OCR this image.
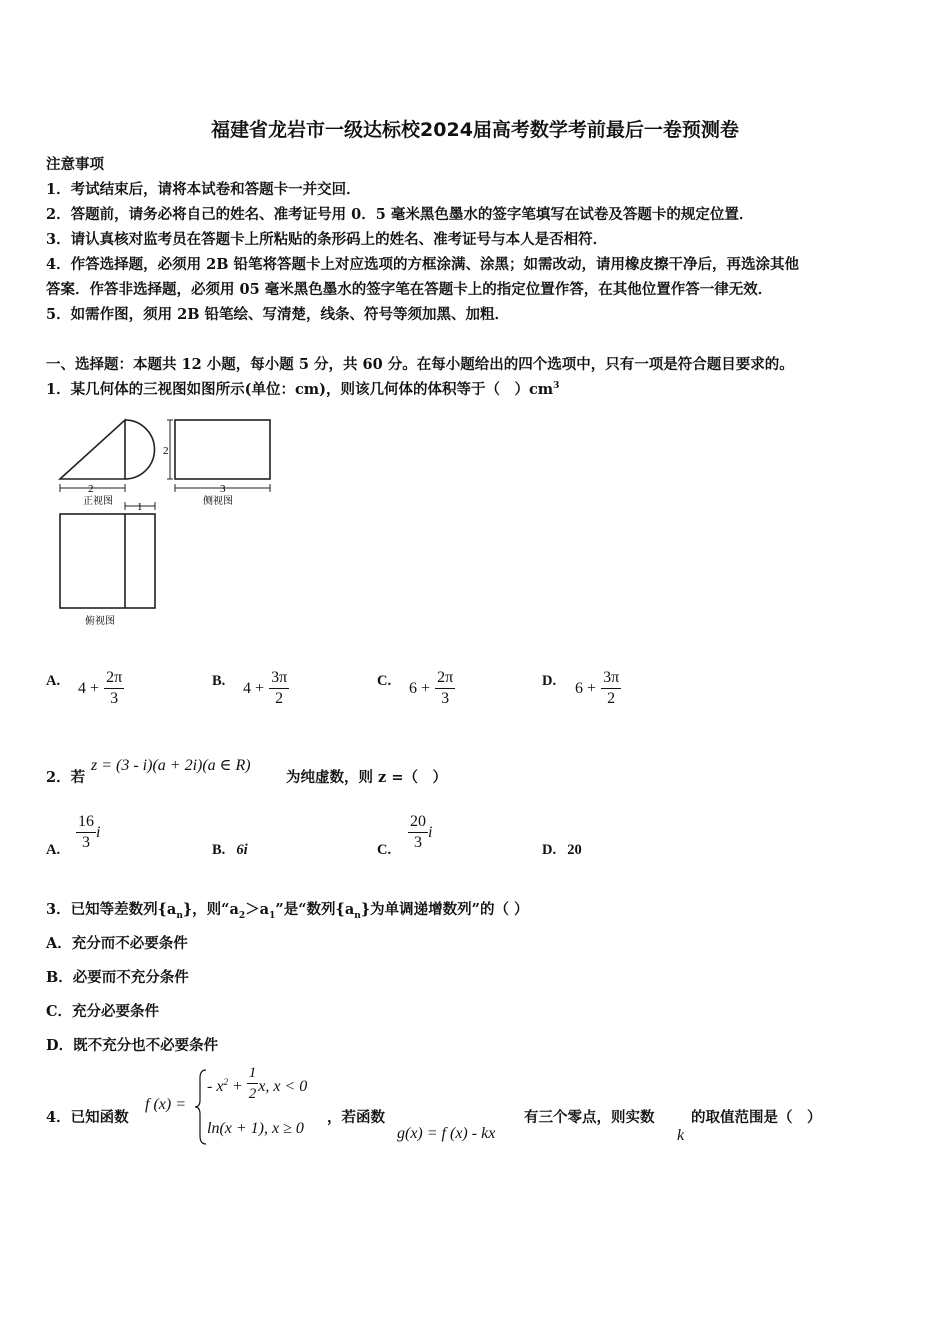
福建省龙岩市一级达标校2024届高考数学考前最后一卷预测卷
注意事项
1．考试结束后，请将本试卷和答题卡一并交回．
2．答题前，请务必将自己的姓名、准考证号用 0．5 毫米黑色墨水的签字笔填写在试卷及答题卡的规定位置．
3．请认真核对监考员在答题卡上所粘贴的条形码上的姓名、准考证号与本人是否相符．
4．作答选择题，必须用 2B 铅笔将答题卡上对应选项的方框涂满、涂黑；如需改动，请用橡皮擦干净后，再选涂其他
答案．作答非选择题，必须用 05 毫米黑色墨水的签字笔在答题卡上的指定位置作答，在其他位置作答一律无效．
5．如需作图，须用 2B 铅笔绘、写清楚，线条、符号等须加黑、加粗．
一、选择题：本题共 12 小题，每小题 5 分，共 60 分。在每小题给出的四个选项中，只有一项是符合题目要求的。
1．某几何体的三视图如图所示(单位：cm)，则该几何体的体积等于（　）$cm^3$
2
正视图
2
3
侧视图
1
俯视图
A. $4 + \frac{2\pi}{3}$	B. $4 + \frac{3\pi}{2}$	C. $6 + \frac{2\pi}{3}$	D. $6 + \frac{3\pi}{2}$
2．若
z = (3 - i)(a + 2i)(a ∈ R)
为纯虚数，则 z =（　）
A. $\frac{16}{3}$ i
B. 6i	C. $\frac{20}{3}$ i
D. 20
3．已知等差数列$\{a_n\}$，则“$a_2>a_1$”是“数列$\{a_n\}$为单调递增数列”的（ ）
A．充分而不必要条件
B．必要而不充分条件
C．充分必要条件
D．既不充分也不必要条件
4．已知函数
f (x) =
- $x^2 + \frac{1}{2} x$, x < 0
ln(x + 1), x ≥ 0
，若函数
g(x) = f (x) - kx
有三个零点，则实数
k
的取值范围是（　）
